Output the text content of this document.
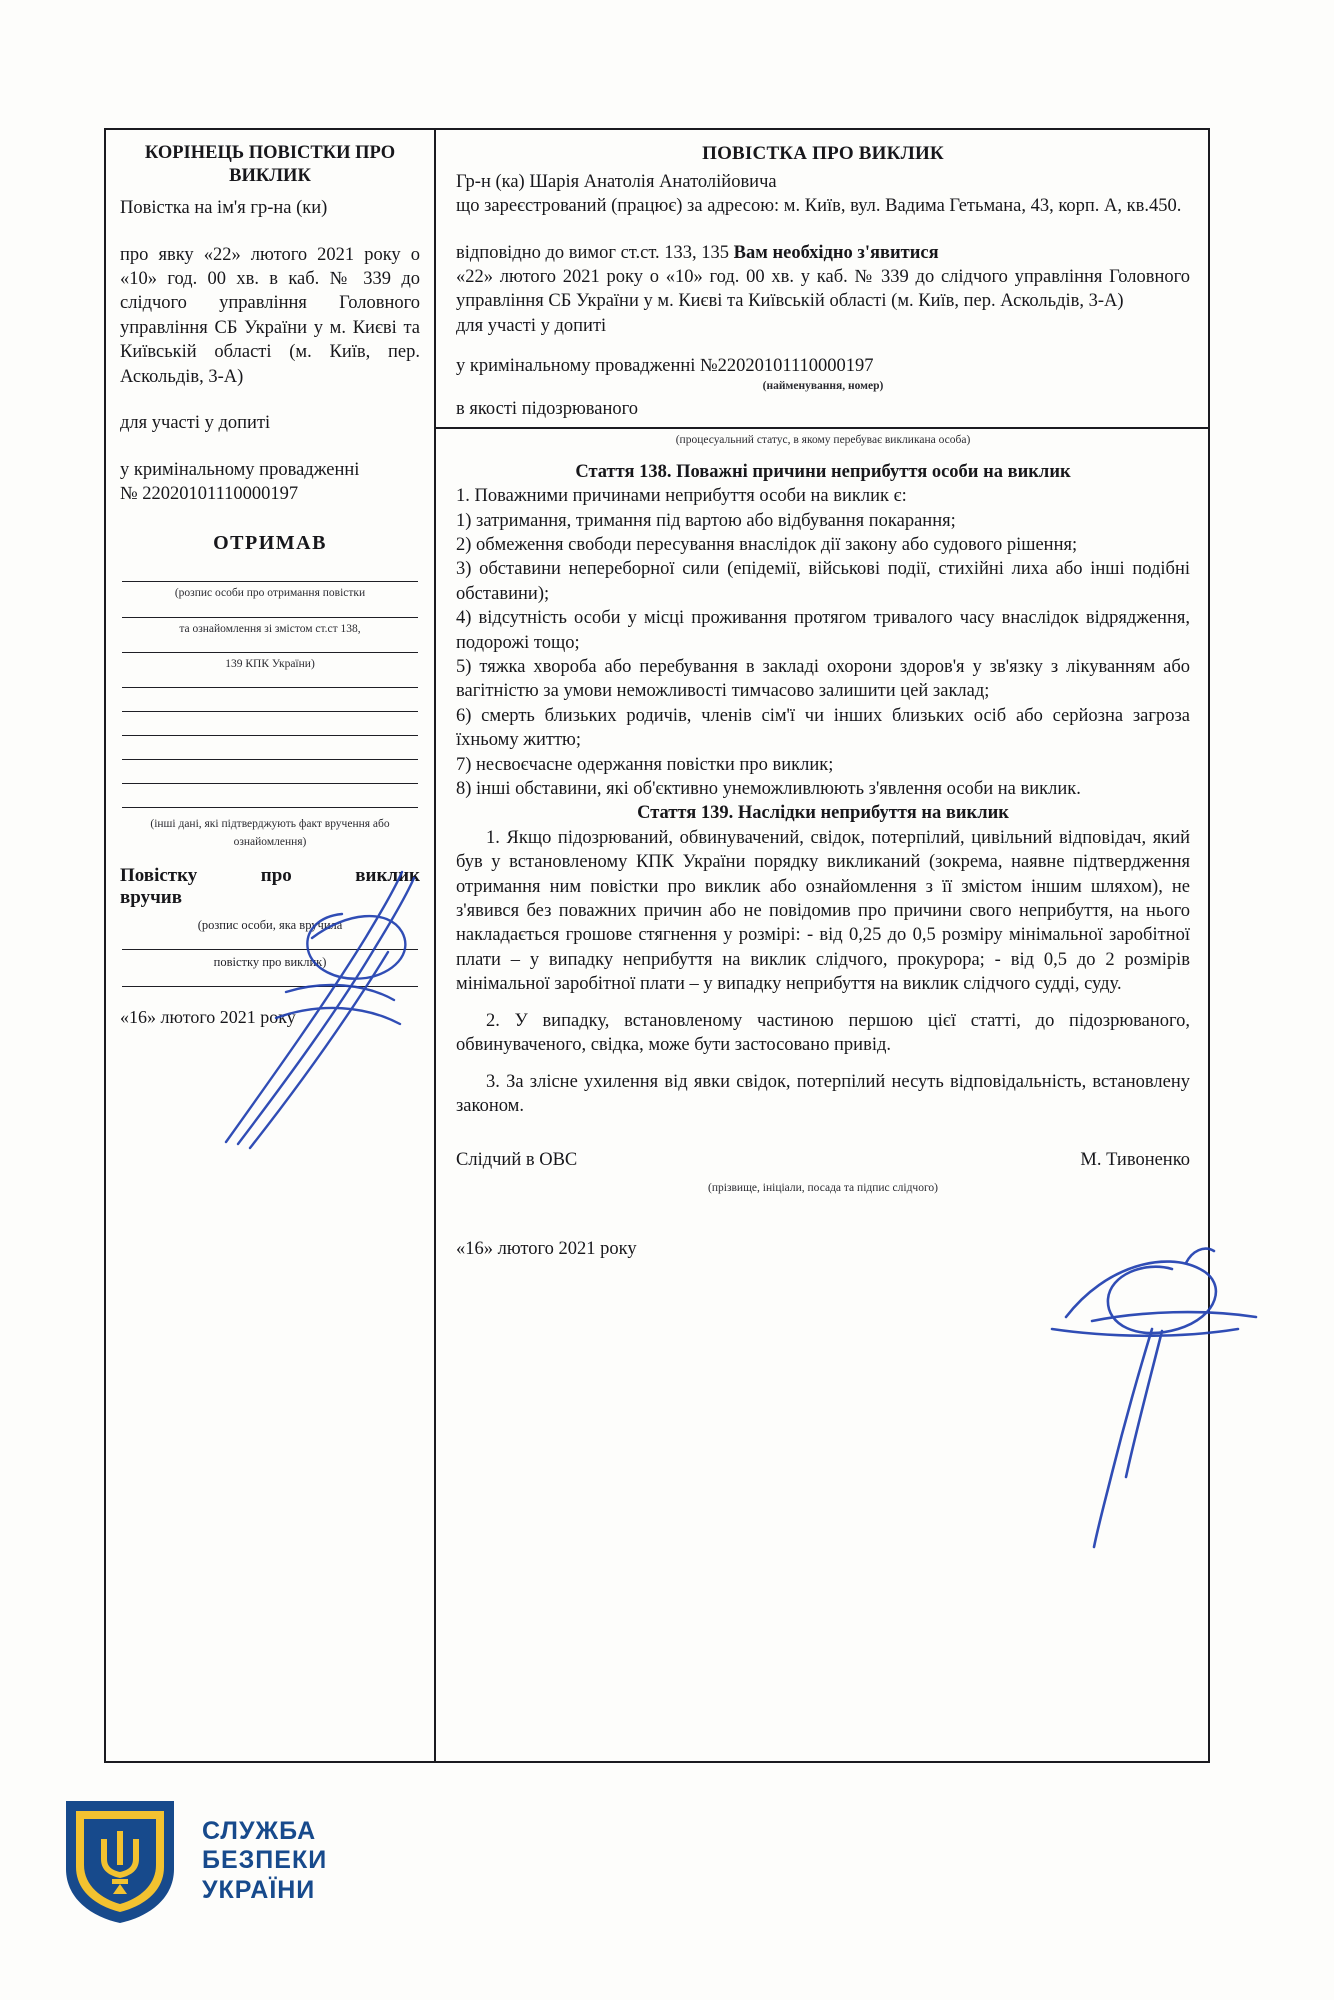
КОРІНЕЦЬ ПОВІСТКИ ПРО ВИКЛИК
Повістка на ім'я гр-на (ки)
про явку «22» лютого 2021 року о «10» год. 00 хв. в каб. № 339 до слідчого управління Головного управління СБ України у м. Києві та Київській області (м. Київ, пер. Аскольдів, 3-А)
для участі у допиті
у кримінальному провадженні
№ 22020101110000197
ОТРИМАВ
(розпис особи про отримання повістки
та ознайомлення зі змістом ст.ст 138,
139 КПК України)
(інші дані, які підтверджують факт вручення або ознайомлення)
Повістку	про	виклик
вручив
(розпис особи, яка вручила
повістку про виклик)
«16» лютого 2021 року
ПОВІСТКА ПРО ВИКЛИК
Гр-н (ка) Шарія Анатолія Анатолійовича
що зареєстрований (працює) за адресою: м. Київ, вул. Вадима Гетьмана, 43, корп. А, кв.450.
відповідно до вимог ст.ст. 133, 135 Вам необхідно з'явитися
«22» лютого 2021 року о «10» год. 00 хв. у каб. № 339 до слідчого управління Головного управління СБ України у м. Києві та Київській області (м. Київ, пер. Аскольдів, 3-А)
для участі у допиті
у кримінальному провадженні №22020101110000197
(найменування, номер)
в якості підозрюваного
(процесуальний статус, в якому перебуває викликана особа)
Стаття 138. Поважні причини неприбуття особи на виклик
1. Поважними причинами неприбуття особи на виклик є:
1) затримання, тримання під вартою або відбування покарання;
2) обмеження свободи пересування внаслідок дії закону або судового рішення;
3) обставини непереборної сили (епідемії, військові події, стихійні лиха або інші подібні обставини);
4) відсутність особи у місці проживання протягом тривалого часу внаслідок відрядження, подорожі тощо;
5) тяжка хвороба або перебування в закладі охорони здоров'я у зв'язку з лікуванням або вагітністю за умови неможливості тимчасово залишити цей заклад;
6) смерть близьких родичів, членів сім'ї чи інших близьких осіб або серйозна загроза їхньому життю;
7) несвоєчасне одержання повістки про виклик;
8) інші обставини, які об'єктивно унеможливлюють з'явлення особи на виклик.
Стаття 139. Наслідки неприбуття на виклик
1. Якщо підозрюваний, обвинувачений, свідок, потерпілий, цивільний відповідач, який був у встановленому КПК України порядку викликаний (зокрема, наявне підтвердження отримання ним повістки про виклик або ознайомлення з її змістом іншим шляхом), не з'явився без поважних причин або не повідомив про причини свого неприбуття, на нього накладається грошове стягнення у розмірі: - від 0,25 до 0,5 розміру мінімальної заробітної плати – у випадку неприбуття на виклик слідчого, прокурора; - від 0,5 до 2 розмірів мінімальної заробітної плати – у випадку неприбуття на виклик слідчого судді, суду.
2. У випадку, встановленому частиною першою цієї статті, до підозрюваного, обвинуваченого, свідка, може бути застосовано привід.
3. За злісне ухилення від явки свідок, потерпілий несуть відповідальність, встановлену законом.
Слідчий в ОВС	М. Тивоненко
(прізвище, ініціали, посада та підпис слідчого)
«16» лютого 2021 року
СЛУЖБА
БЕЗПЕКИ
УКРАЇНИ
